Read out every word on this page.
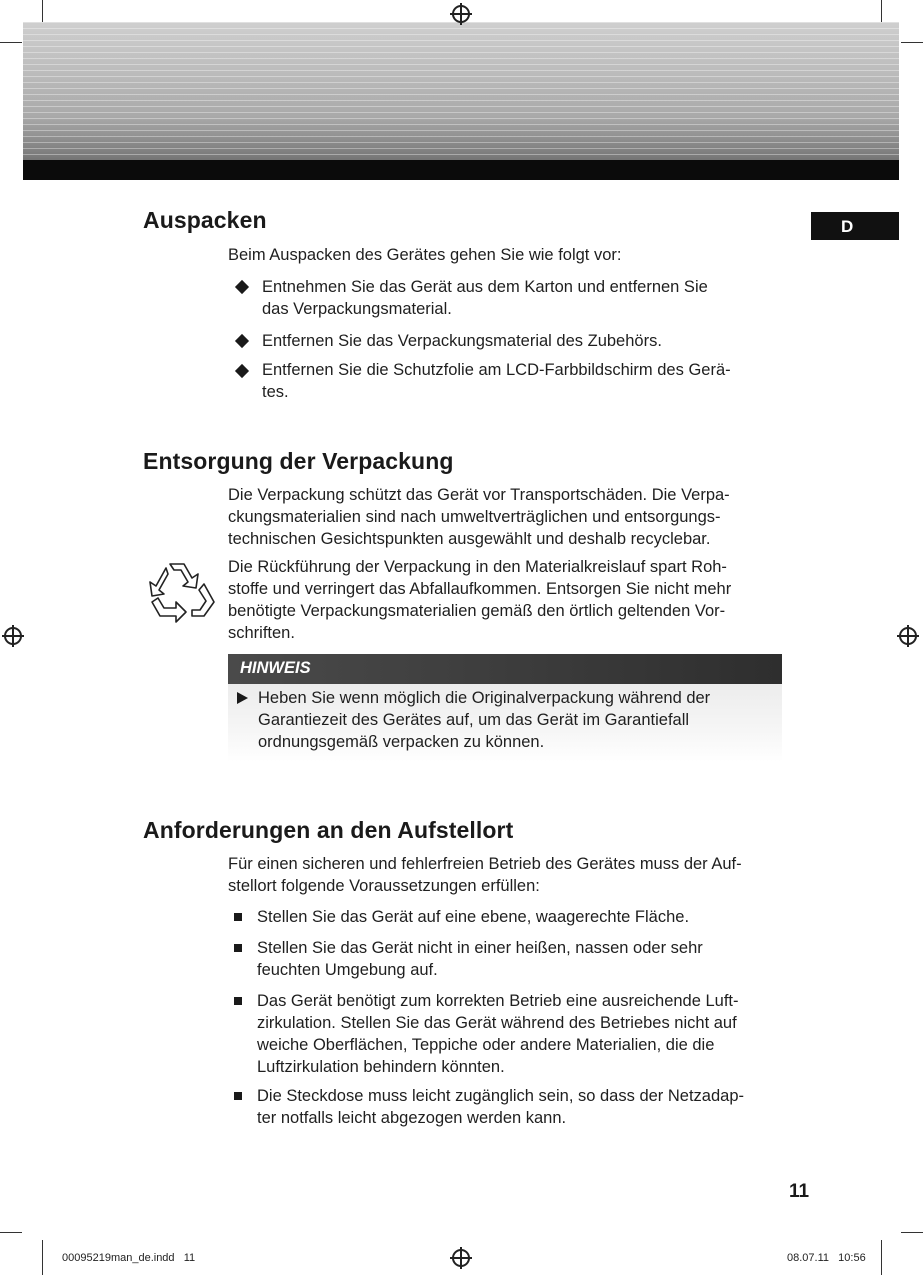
D
Auspacken

Beim Auspacken des Gerätes gehen Sie wie folgt vor:

Entnehmen Sie das Gerät aus dem Karton und entfernen Sie
das Verpackungsmaterial.
Entfernen Sie das Verpackungsmaterial des Zubehörs.
Entfernen Sie die Schutzfolie am LCD-Farbbildschirm des Gerä-
tes.
Entsorgung der Verpackung
Die Verpackung schützt das Gerät vor Transportschäden. Die Verpa-
ckungsmaterialien sind nach umweltverträglichen und entsorgungs-
technischen Gesichtspunkten ausgewählt und deshalb recyclebar.
Die Rückführung der Verpackung in den Materialkreislauf spart Roh-
stoffe und verringert das Abfallaufkommen. Entsorgen Sie nicht mehr
benötigte Verpackungsmaterialien gemäß den örtlich geltenden Vor-
schriften.
HINWEIS
Heben Sie wenn möglich die Originalverpackung während der
Garantiezeit des Gerätes auf, um das Gerät im Garantiefall
ordnungsgemäß verpacken zu können.
Anforderungen an den Aufstellort
Für einen sicheren und fehlerfreien Betrieb des Gerätes muss der Auf-
stellort folgende Voraussetzungen erfüllen:
Stellen Sie das Gerät auf eine ebene, waagerechte Fläche.
Stellen Sie das Gerät nicht in einer heißen, nassen oder sehr
feuchten Umgebung auf.
Das Gerät benötigt zum korrekten Betrieb eine ausreichende Luft-
zirkulation. Stellen Sie das Gerät während des Betriebes nicht auf
weiche Oberflächen, Teppiche oder andere Materialien, die die
Luftzirkulation behindern könnten.
Die Steckdose muss leicht zugänglich sein, so dass der Netzadap-
ter notfalls leicht abgezogen werden kann.
11
00095219man_de.indd   11	08.07.11   10:56
